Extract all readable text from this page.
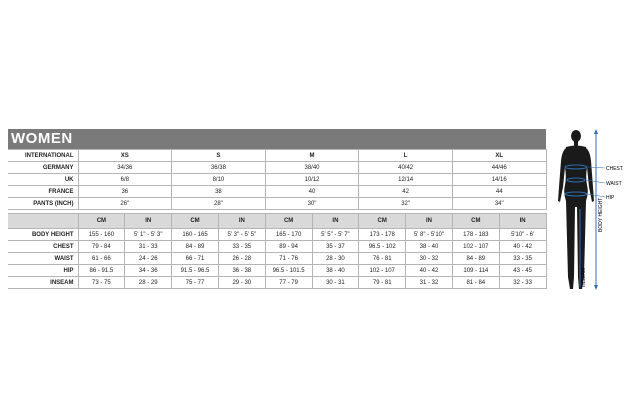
WOMEN
INTERNATIONAL	XS		S		M		L		XL	
GERMANY	34/36		36/38		38/40		40/42		44/46	
UK	6/8		8/10		10/12		12/14		14/16	
FRANCE	36		38		40		42		44	
PANTS (INCH)	26"		28"		30"		32"		34"	

	CM	IN	CM	IN	CM	IN	CM	IN	CM	IN
BODY HEIGHT	155 - 160	5' 1" - 5' 3"	160 - 165	5' 3" - 5' 5"	165 - 170	5' 5" - 5' 7"	173 - 178	5' 8" - 5'10"	178 - 183	5'10" - 6'
CHEST	79 - 84	31 - 33	84 - 89	33 - 35	89 - 94	35 - 37	96.5 - 102	38 - 40	102 - 107	40 - 42
WAIST	61 - 66	24 - 26	66 - 71	26 - 28	71 - 76	28 - 30	76 - 81	30 - 32	84 - 89	33 - 35
HIP	86 - 91.5	34 - 36	91.5 - 96.5	36 - 38	96.5 - 101.5	38 - 40	102 - 107	40 - 42	109 - 114	43 - 45
INSEAM	73 - 75	28 - 29	75 - 77	29 - 30	77 - 79	30 - 31	79 - 81	31 - 32	81 - 84	32 - 33
CHEST
WAIST
HIP
BODY HEIGHT
INSEAM
